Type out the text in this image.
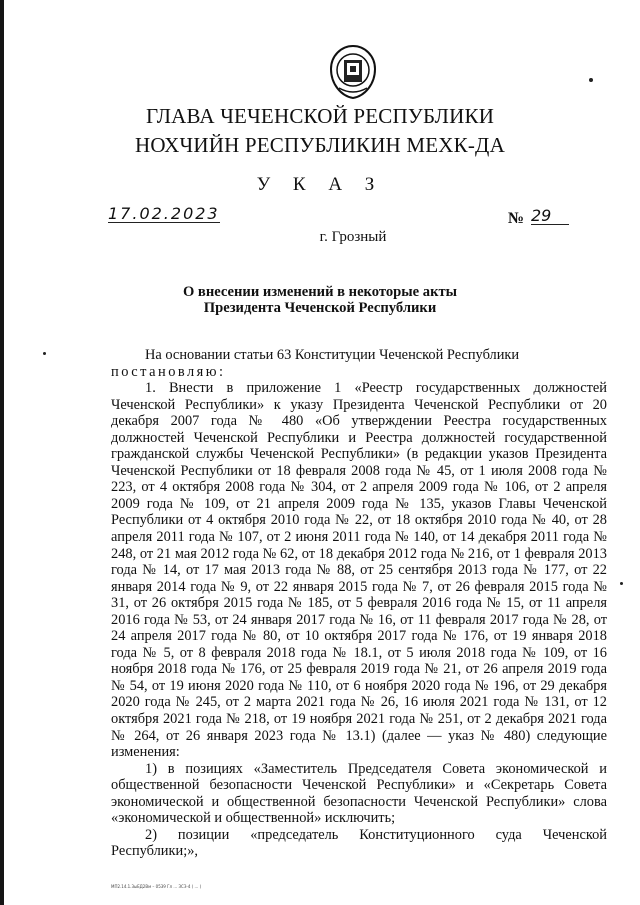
ГЛАВА ЧЕЧЕНСКОЙ РЕСПУБЛИКИ
НОХЧИЙН РЕСПУБЛИКИН МЕХК-ДА
У К А З
17.02.2023	№ 29
г. Грозный
О внесении изменений в некоторые акты
Президента Чеченской Республики

На основании статьи 63 Конституции Чеченской Республики

постановляю:

1. Внести в приложение 1 «Реестр государственных должностей Чеченской Республики» к указу Президента Чеченской Республики от 20 декабря 2007 года № 480 «Об утверждении Реестра государственных должностей Чеченской Республики и Реестра должностей государственной гражданской службы Чеченской Республики» (в редакции указов Президента Чеченской Республики от 18 февраля 2008 года № 45, от 1 июля 2008 года № 223, от 4 октября 2008 года № 304, от 2 апреля 2009 года № 106, от 2 апреля 2009 года № 109, от 21 апреля 2009 года № 135, указов Главы Чеченской Республики от 4 октября 2010 года № 22, от 18 октября 2010 года № 40, от 28 апреля 2011 года № 107, от 2 июня 2011 года № 140, от 14 декабря 2011 года № 248, от 21 мая 2012 года № 62, от 18 декабря 2012 года № 216, от 1 февраля 2013 года № 14, от 17 мая 2013 года № 88, от 25 сентября 2013 года № 177, от 22 января 2014 года № 9, от 22 января 2015 года № 7, от 26 февраля 2015 года № 31, от 26 октября 2015 года № 185, от 5 февраля 2016 года № 15, от 11 апреля 2016 года № 53, от 24 января 2017 года № 16, от 11 февраля 2017 года № 28, от 24 апреля 2017 года № 80, от 10 октября 2017 года № 176, от 19 января 2018 года № 5, от 8 февраля 2018 года № 18.1, от 5 июля 2018 года № 109, от 16 ноября 2018 года № 176, от 25 февраля 2019 года № 21, от 26 апреля 2019 года № 54, от 19 июня 2020 года № 110, от 6 ноября 2020 года № 196, от 29 декабря 2020 года № 245, от 2 марта 2021 года № 26, 16 июля 2021 года № 131, от 12 октября 2021 года № 218, от 19 ноября 2021 года № 251, от 2 декабря 2021 года № 264, от 26 января 2023 года № 13.1) (далее — указ № 480) следующие изменения:

1) в позициях «Заместитель Председателя Совета экономической и общественной безопасности Чеченской Республики» и «Секретарь Совета экономической и общественной безопасности Чеченской Республики» слова «экономической и общественной» исключить;

2) позиции «председатель Конституционного суда Чеченской Республики;»,

МП2.14.1.3ыЕД2Вм – 0539 Гл ... ЗСЗ-4 ( ... )
